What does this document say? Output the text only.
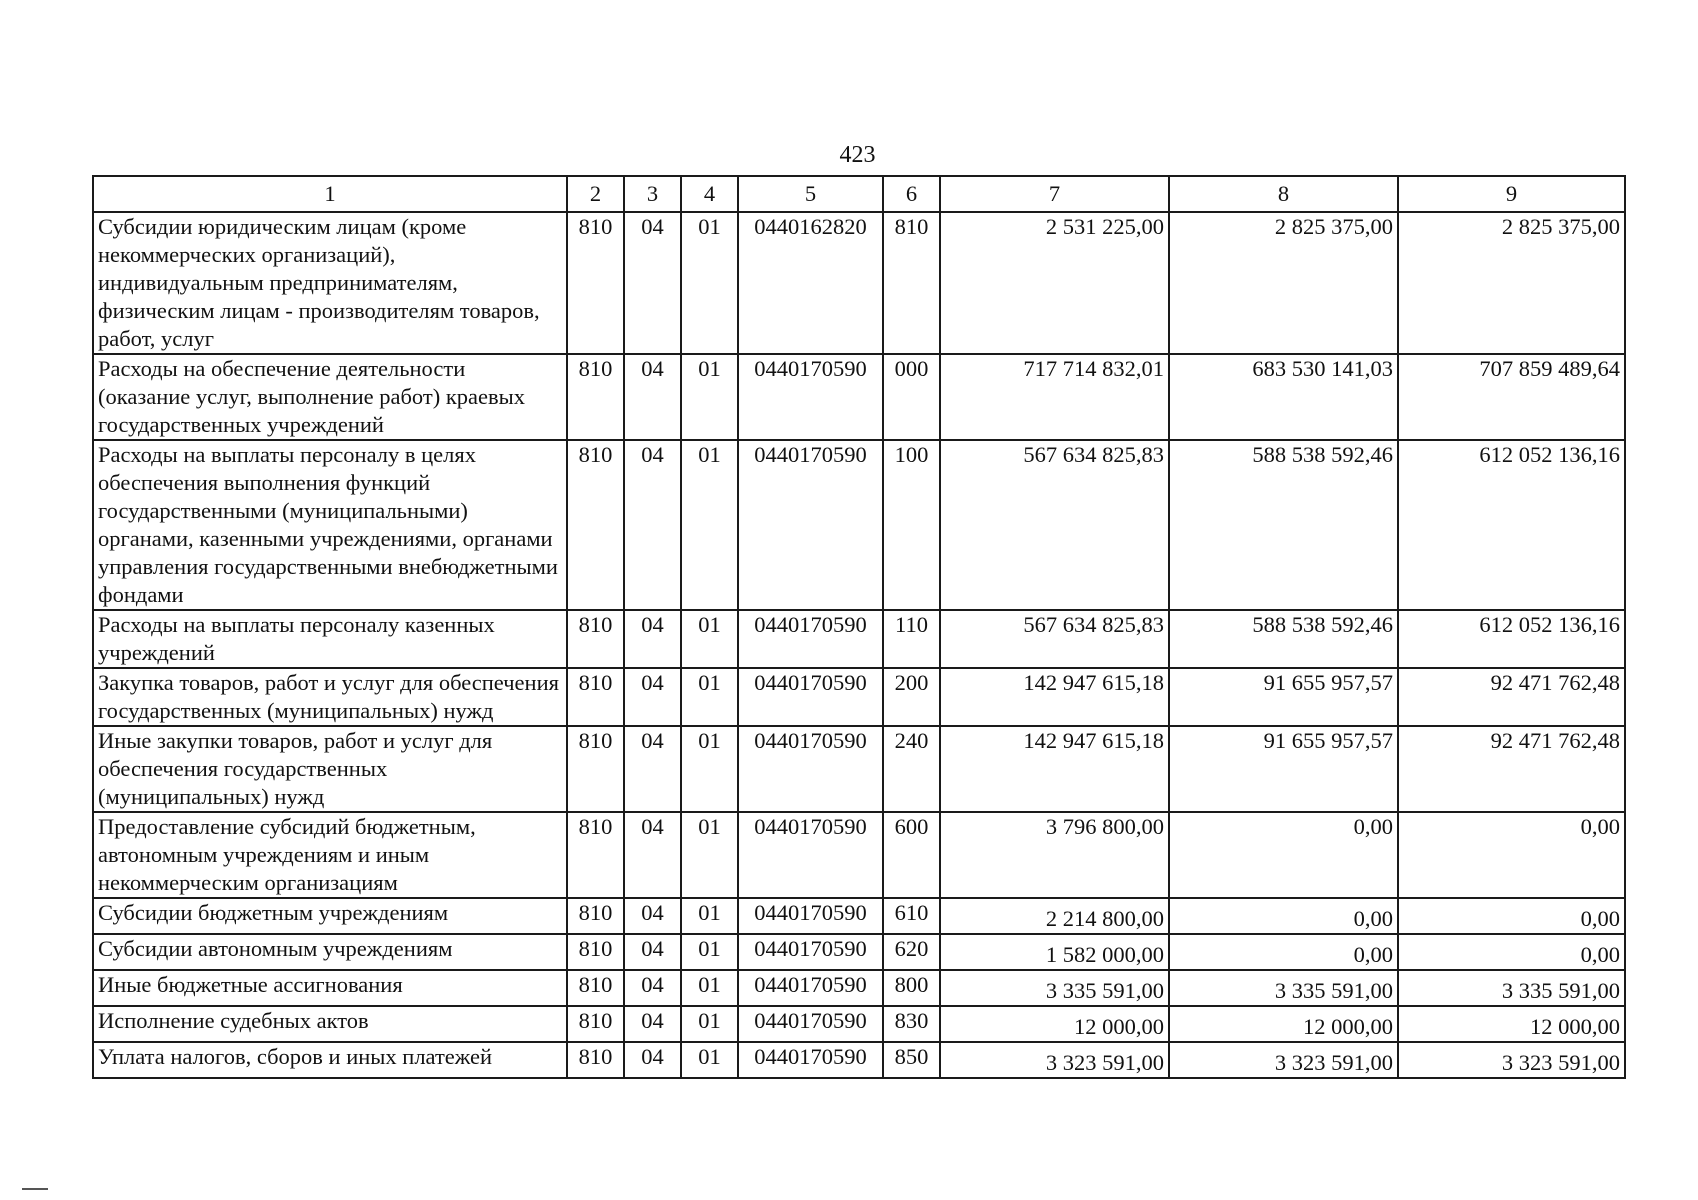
423
1	2	3	4	5	6	7	8	9
Субсидии юридическим лицам (кроме некоммерческих организаций), индивидуальным предпринимателям, физическим лицам - производителям товаров, работ, услуг	810	04	01	0440162820	810	2 531 225,00	2 825 375,00	2 825 375,00
Расходы на обеспечение деятельности (оказание услуг, выполнение работ) краевых государственных учреждений	810	04	01	0440170590	000	717 714 832,01	683 530 141,03	707 859 489,64
Расходы на выплаты персоналу в целях обеспечения выполнения функций государственными (муниципальными) органами, казенными учреждениями, органами управления государственными внебюджетными фондами	810	04	01	0440170590	100	567 634 825,83	588 538 592,46	612 052 136,16
Расходы на выплаты персоналу казенных учреждений	810	04	01	0440170590	110	567 634 825,83	588 538 592,46	612 052 136,16
Закупка товаров, работ и услуг для обеспечения государственных (муниципальных) нужд	810	04	01	0440170590	200	142 947 615,18	91 655 957,57	92 471 762,48
Иные закупки товаров, работ и услуг для обеспечения государственных (муниципальных) нужд	810	04	01	0440170590	240	142 947 615,18	91 655 957,57	92 471 762,48
Предоставление субсидий бюджетным, автономным учреждениям и иным некоммерческим организациям	810	04	01	0440170590	600	3 796 800,00	0,00	0,00
Субсидии бюджетным учреждениям	810	04	01	0440170590	610	2 214 800,00	0,00	0,00
Субсидии автономным учреждениям	810	04	01	0440170590	620	1 582 000,00	0,00	0,00
Иные бюджетные ассигнования	810	04	01	0440170590	800	3 335 591,00	3 335 591,00	3 335 591,00
Исполнение судебных актов	810	04	01	0440170590	830	12 000,00	12 000,00	12 000,00
Уплата налогов, сборов и иных платежей	810	04	01	0440170590	850	3 323 591,00	3 323 591,00	3 323 591,00
